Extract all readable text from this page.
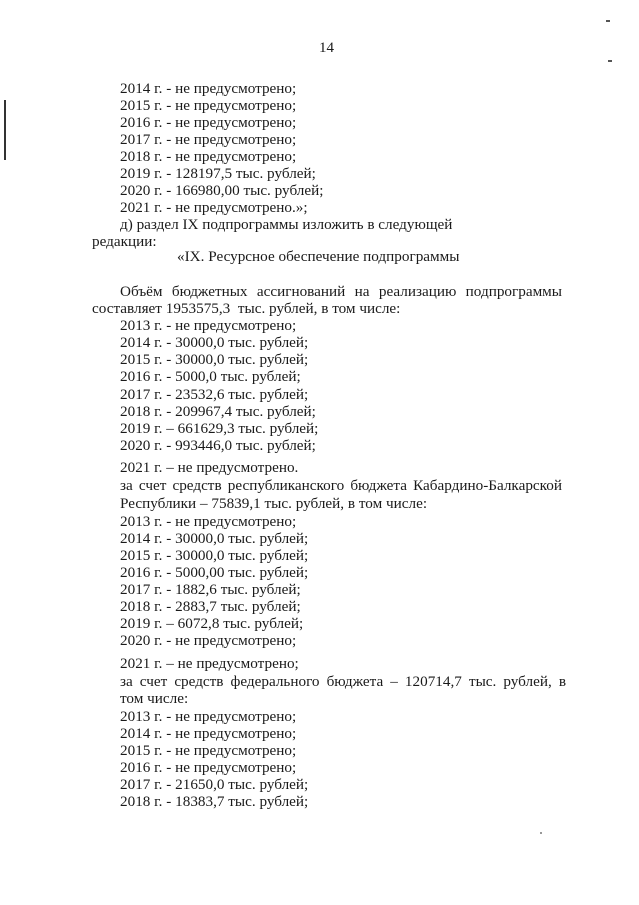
14
2014 г. - не предусмотрено;
2015 г. - не предусмотрено;
2016 г. - не предусмотрено;
2017 г. - не предусмотрено;
2018 г. - не предусмотрено;
2019 г. - 128197,5 тыс. рублей;
2020 г. - 166980,00 тыс. рублей;
2021 г. - не предусмотрено.»;
д) раздел IX подпрограммы изложить в следующей
редакции:
«IX. Ресурсное обеспечение подпрограммы
Объём бюджетных ассигнований на реализацию подпрограммы
составляет 1953575,3  тыс. рублей, в том числе:
2013 г. - не предусмотрено;
2014 г. - 30000,0 тыс. рублей;
2015 г. - 30000,0 тыс. рублей;
2016 г. - 5000,0 тыс. рублей;
2017 г. - 23532,6 тыс. рублей;
2018 г. - 209967,4 тыс. рублей;
2019 г. – 661629,3 тыс. рублей;
2020 г. - 993446,0 тыс. рублей;
2021 г. – не предусмотрено.
за счет средств республиканского бюджета Кабардино-Балкарской
Республики – 75839,1 тыс. рублей, в том числе:
2013 г. - не предусмотрено;
2014 г. - 30000,0 тыс. рублей;
2015 г. - 30000,0 тыс. рублей;
2016 г. - 5000,00 тыс. рублей;
2017 г. - 1882,6 тыс. рублей;
2018 г. - 2883,7 тыс. рублей;
2019 г. – 6072,8 тыс. рублей;
2020 г. - не предусмотрено;
2021 г. – не предусмотрено;
за счет средств федерального бюджета – 120714,7 тыс. рублей, в
том числе:
2013 г. - не предусмотрено;
2014 г. - не предусмотрено;
2015 г. - не предусмотрено;
2016 г. - не предусмотрено;
2017 г. - 21650,0 тыс. рублей;
2018 г. - 18383,7 тыс. рублей;
